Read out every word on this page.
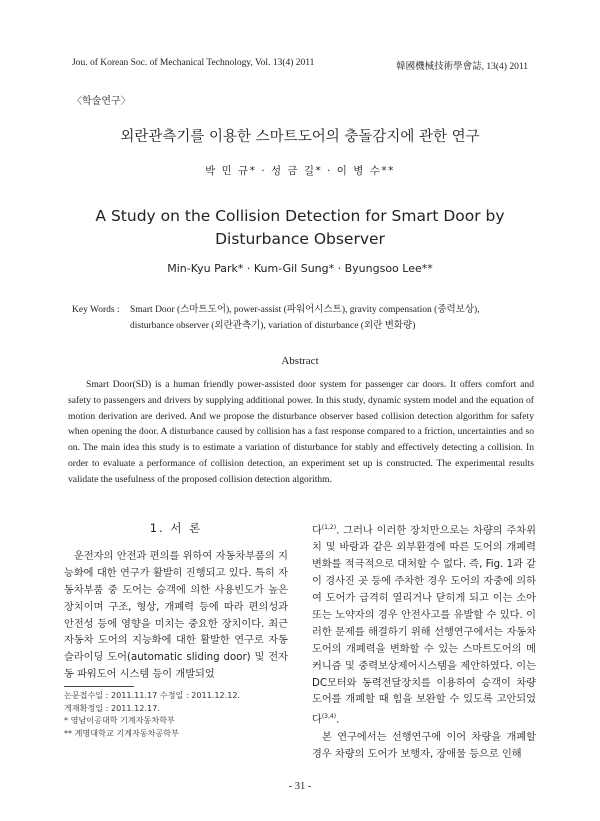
Jou. of Korean Soc. of Mechanical Technology, Vol. 13(4) 2011	韓國機械技術學會誌, 13(4) 2011
〈학술연구〉
외란관측기를 이용한 스마트도어의 충돌감지에 관한 연구
박 민 규* · 성 금 길* · 이 병 수**
A Study on the Collision Detection for Smart Door by Disturbance Observer
Min-Kyu Park* · Kum-Gil Sung* · Byungsoo Lee**
Key Words : Smart Door (스마트도어), power-assist (파워어시스트), gravity compensation (중력보상),
disturbance observer (외란관측기), variation of disturbance (외란 변화량)
Abstract

Smart Door(SD) is a human friendly power-assisted door system for passenger car doors. It offers comfort and safety to passengers and drivers by supplying additional power. In this study, dynamic system model and the equation of motion derivation are derived. And we propose the disturbance observer based collision detection algorithm for safety when opening the door. A disturbance caused by collision has a fast response compared to a friction, uncertainties and so on. The main idea this study is to estimate a variation of disturbance for stably and effectively detecting a collision. In order to evaluate a performance of collision detection, an experiment set up is constructed. The experimental results validate the usefulness of the proposed collision detection algorithm.

1. 서 론

운전자의 안전과 편의를 위하여 자동차부품의 지능화에 대한 연구가 활발히 진행되고 있다. 특히 자동차부품 중 도어는 승객에 의한 사용빈도가 높은 장치이며 구조, 형상, 개폐력 등에 따라 편의성과 안전성 등에 영향을 미치는 중요한 장치이다. 최근 자동차 도어의 지능화에 대한 활발한 연구로 자동 슬라이딩 도어(automatic sliding door) 및 전자동 파워도어 시스템 등이 개발되었

다$^{(1,2)}$. 그러나 이러한 장치만으로는 차량의 주차위치 및 바람과 같은 외부환경에 따른 도어의 개폐력 변화를 적극적으로 대처할 수 없다. 즉, Fig. 1과 같이 경사진 곳 등에 주차한 경우 도어의 자중에 의하여 도어가 급격히 열리거나 닫히게 되고 이는 소아 또는 노약자의 경우 안전사고를 유발할 수 있다. 이러한 문제를 해결하기 위해 선행연구에서는 자동차 도어의 개폐력을 변화할 수 있는 스마트도어의 메커니즘 및 중력보상제어시스템을 제안하였다. 이는 DC모터와 동력전달장치를 이용하여 승객이 차량 도어를 개폐할 때 힘을 보완할 수 있도록 고안되었다$^{(3,4)}$.

본 연구에서는 선행연구에 이어 차량을 개폐할 경우 차량의 도어가 보행자, 장애물 등으로 인해

논문접수일 : 2011.11.17 수정일 : 2011.12.12.
게재확정일 : 2011.12.17.
* 영남이공대학 기계자동차학부
** 계명대학교 기계자동차공학부
- 31 -
